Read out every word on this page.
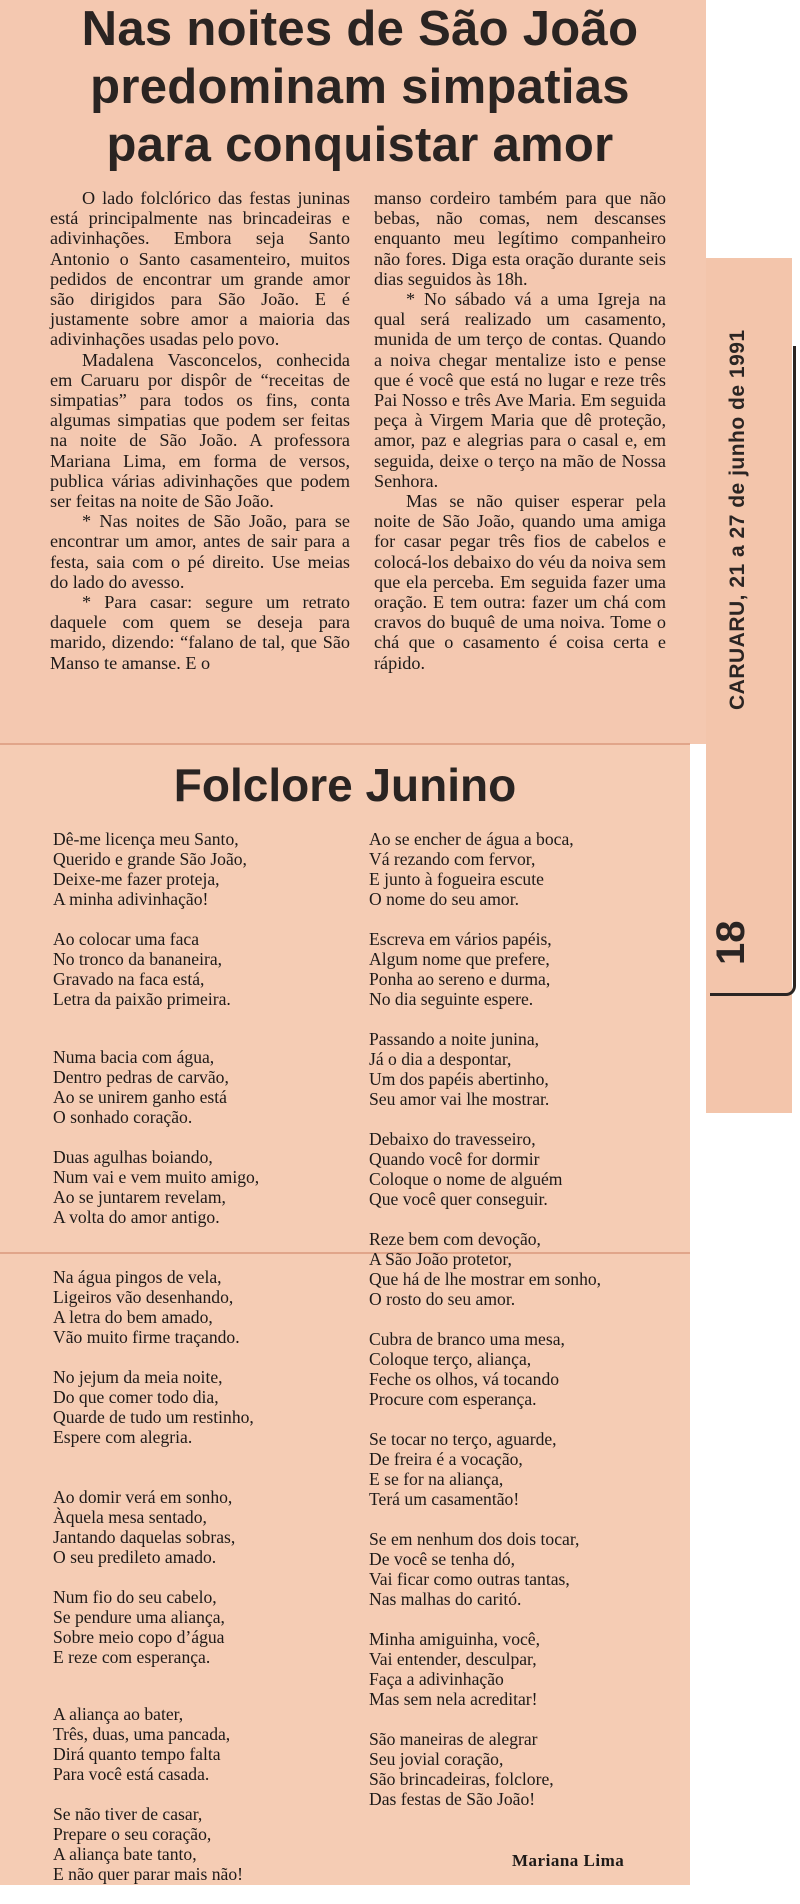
Nas noites de São João
predominam simpatias
para conquistar amor

O lado folclórico das festas juninas está principalmente nas brincadeiras e adivinhações. Embora seja Santo Antonio o Santo casamenteiro, muitos pedidos de encontrar um grande amor são dirigidos para São João. E é justamente sobre amor a maioria das adivinhações usadas pelo povo.

Madalena Vasconcelos, conhecida em Caruaru por dispôr de “receitas de simpatias” para todos os fins, conta algumas simpatias que podem ser feitas na noite de São João. A professora Mariana Lima, em forma de versos, publica várias adivinhações que podem ser feitas na noite de São João.

* Nas noites de São João, para se encontrar um amor, antes de sair para a festa, saia com o pé direito. Use meias do lado do avesso.

* Para casar: segure um retrato daquele com quem se deseja para marido, dizendo: “falano de tal, que São Manso te amanse. E o

manso cordeiro também para que não bebas, não comas, nem descanses enquanto meu legítimo companheiro não fores. Diga esta oração durante seis dias seguidos às 18h.

* No sábado vá a uma Igreja na qual será realizado um casamento, munida de um terço de contas. Quando a noiva chegar mentalize isto e pense que é você que está no lugar e reze três Pai Nosso e três Ave Maria. Em seguida peça à Virgem Maria que dê proteção, amor, paz e alegrias para o casal e, em seguida, deixe o terço na mão de Nossa Senhora.

Mas se não quiser esperar pela noite de São João, quando uma amiga for casar pegar três fios de cabelos e colocá-los debaixo do véu da noiva sem que ela perceba. Em seguida fazer uma oração. E tem outra: fazer um chá com cravos do buquê de uma noiva. Tome o chá que o casamento é coisa certa e rápido.

Folclore Junino
Dê-me licença meu Santo,
Querido e grande São João,
Deixe-me fazer proteja,
A minha adivinhação!
Ao colocar uma faca
No tronco da bananeira,
Gravado na faca está,
Letra da paixão primeira.
Numa bacia com água,
Dentro pedras de carvão,
Ao se unirem ganho está
O sonhado coração.
Duas agulhas boiando,
Num vai e vem muito amigo,
Ao se juntarem revelam,
A volta do amor antigo.
Na água pingos de vela,
Ligeiros vão desenhando,
A letra do bem amado,
Vão muito firme traçando.
No jejum da meia noite,
Do que comer todo dia,
Quarde de tudo um restinho,
Espere com alegria.
Ao domir verá em sonho,
Àquela mesa sentado,
Jantando daquelas sobras,
O seu predileto amado.
Num fio do seu cabelo,
Se pendure uma aliança,
Sobre meio copo d’água
E reze com esperança.
A aliança ao bater,
Três, duas, uma pancada,
Dirá quanto tempo falta
Para você está casada.
Se não tiver de casar,
Prepare o seu coração,
A aliança bate tanto,
E não quer parar mais não!
Ao se encher de água a boca,
Vá rezando com fervor,
E junto à fogueira escute
O nome do seu amor.
Escreva em vários papéis,
Algum nome que prefere,
Ponha ao sereno e durma,
No dia seguinte espere.
Passando a noite junina,
Já o dia a despontar,
Um dos papéis abertinho,
Seu amor vai lhe mostrar.
Debaixo do travesseiro,
Quando você for dormir
Coloque o nome de alguém
Que você quer conseguir.
Reze bem com devoção,
A São João protetor,
Que há de lhe mostrar em sonho,
O rosto do seu amor.
Cubra de branco uma mesa,
Coloque terço, aliança,
Feche os olhos, vá tocando
Procure com esperança.
Se tocar no terço, aguarde,
De freira é a vocação,
E se for na aliança,
Terá um casamentão!
Se em nenhum dos dois tocar,
De você se tenha dó,
Vai ficar como outras tantas,
Nas malhas do caritó.
Minha amiguinha, você,
Vai entender, desculpar,
Faça a adivinhação
Mas sem nela acreditar!
São maneiras de alegrar
Seu jovial coração,
São brincadeiras, folclore,
Das festas de São João!
Mariana Lima
CARUARU, 21 a 27 de junho de 1991
18
